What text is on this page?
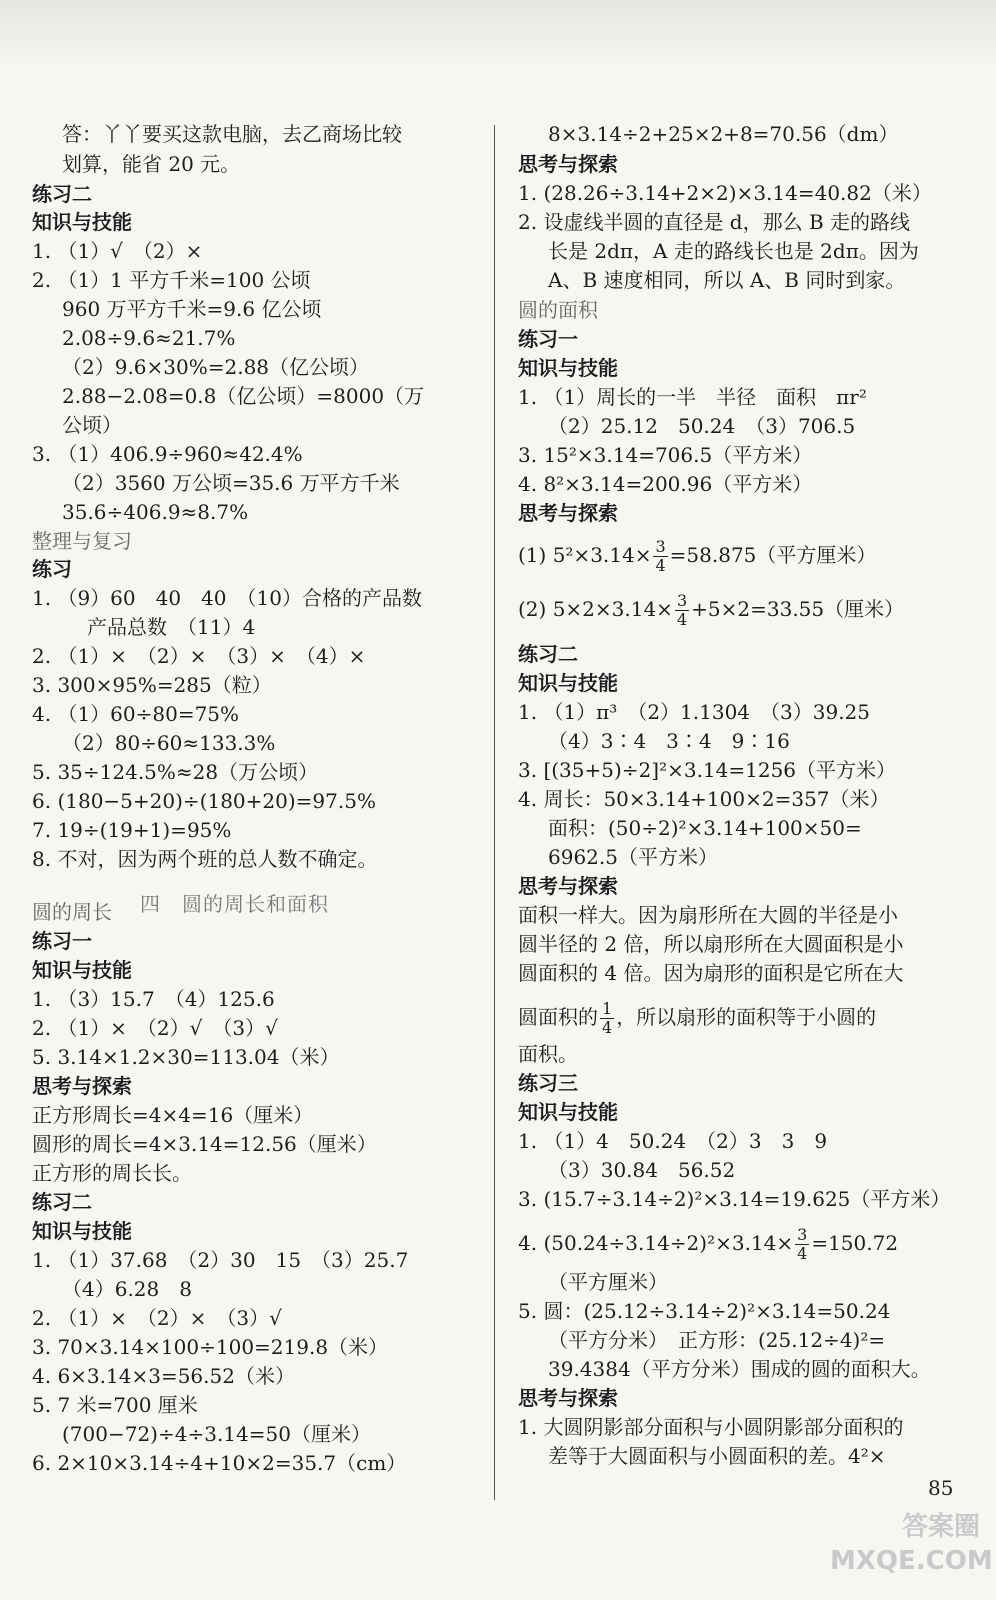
答：丫丫要买这款电脑，去乙商场比较
划算，能省 20 元。
练习二
知识与技能
1. （1）√　（2）×
2. （1）1 平方千米=100 公顷
960 万平方千米=9.6 亿公顷
2.08÷9.6≈21.7%
（2）9.6×30%=2.88（亿公顷）
2.88−2.08=0.8（亿公顷）=8000（万
公顷）
3. （1）406.9÷960≈42.4%
（2）3560 万公顷=35.6 万平方千米
35.6÷406.9≈8.7%
整理与复习
练习
1. （9）60　40　40　（10）合格的产品数
产品总数　（11）4
2. （1）×　（2）×　（3）×　（4）×
3. 300×95%=285（粒）
4. （1）60÷80=75%
（2）80÷60≈133.3%
5. 35÷124.5%≈28（万公顷）
6. (180−5+20)÷(180+20)=97.5%
7. 19÷(19+1)=95%
8. 不对，因为两个班的总人数不确定。
圆的周长
练习一
知识与技能
1. （3）15.7　（4）125.6
2. （1）×　（2）√　（3）√
5. 3.14×1.2×30=113.04（米）
思考与探索
正方形周长=4×4=16（厘米）
圆形的周长=4×3.14=12.56（厘米）
正方形的周长长。
练习二
知识与技能
1. （1）37.68　（2）30　15　（3）25.7
（4）6.28　8
2. （1）×　（2）×　（3）√
3. 70×3.14×100÷100=219.8（米）
4. 6×3.14×3=56.52（米）
5. 7 米=700 厘米
(700−72)÷4÷3.14=50（厘米）
6. 2×10×3.14÷4+10×2=35.7（cm）
四　圆的周长和面积
8×3.14÷2+25×2+8=70.56（dm）
思考与探索
1. (28.26÷3.14+2×2)×3.14=40.82（米）
2. 设虚线半圆的直径是 d，那么 B 走的路线
长是 2dπ，A 走的路线长也是 2dπ。因为
A、B 速度相同，所以 A、B 同时到家。
圆的面积
练习一
知识与技能
1. （1）周长的一半　半径　面积　πr²
（2）25.12　50.24　（3）706.5
3. 15²×3.14=706.5（平方米）
4. 8²×3.14=200.96（平方米）
思考与探索
(1) $5^2\times 3.14\times \frac{3}{4} =58.875$（平方厘米）
(2) $5\times 2\times 3.14\times \frac{3}{4} +5\times 2=33.55$（厘米）
练习二
知识与技能
1. （1）π³　（2）1.1304　（3）39.25
（4）3∶4　3∶4　9∶16
3. [(35+5)÷2]²×3.14=1256（平方米）
4. 周长：50×3.14+100×2=357（米）
面积：(50÷2)²×3.14+100×50=
6962.5（平方米）
思考与探索
面积一样大。因为扇形所在大圆的半径是小
圆半径的 2 倍，所以扇形所在大圆面积是小
圆面积的 4 倍。因为扇形的面积是它所在大
圆面积的 $\frac{1}{4}$ ，所以扇形的面积等于小圆的
面积。
练习三
知识与技能
1. （1）4　50.24　（2）3　3　9
（3）30.84　56.52
3. (15.7÷3.14÷2)²×3.14=19.625（平方米）
4. $(50.24\div 3.14\div 2)^2\times 3.14\times \frac{3}{4} =150.72$
（平方厘米）
5. 圆：(25.12÷3.14÷2)²×3.14=50.24
（平方分米）　正方形：(25.12÷4)²=
39.4384（平方分米）围成的圆的面积大。
思考与探索
1. 大圆阴影部分面积与小圆阴影部分面积的
差等于大圆面积与小圆面积的差。4²×
85
答案圈
MXQE.COM
